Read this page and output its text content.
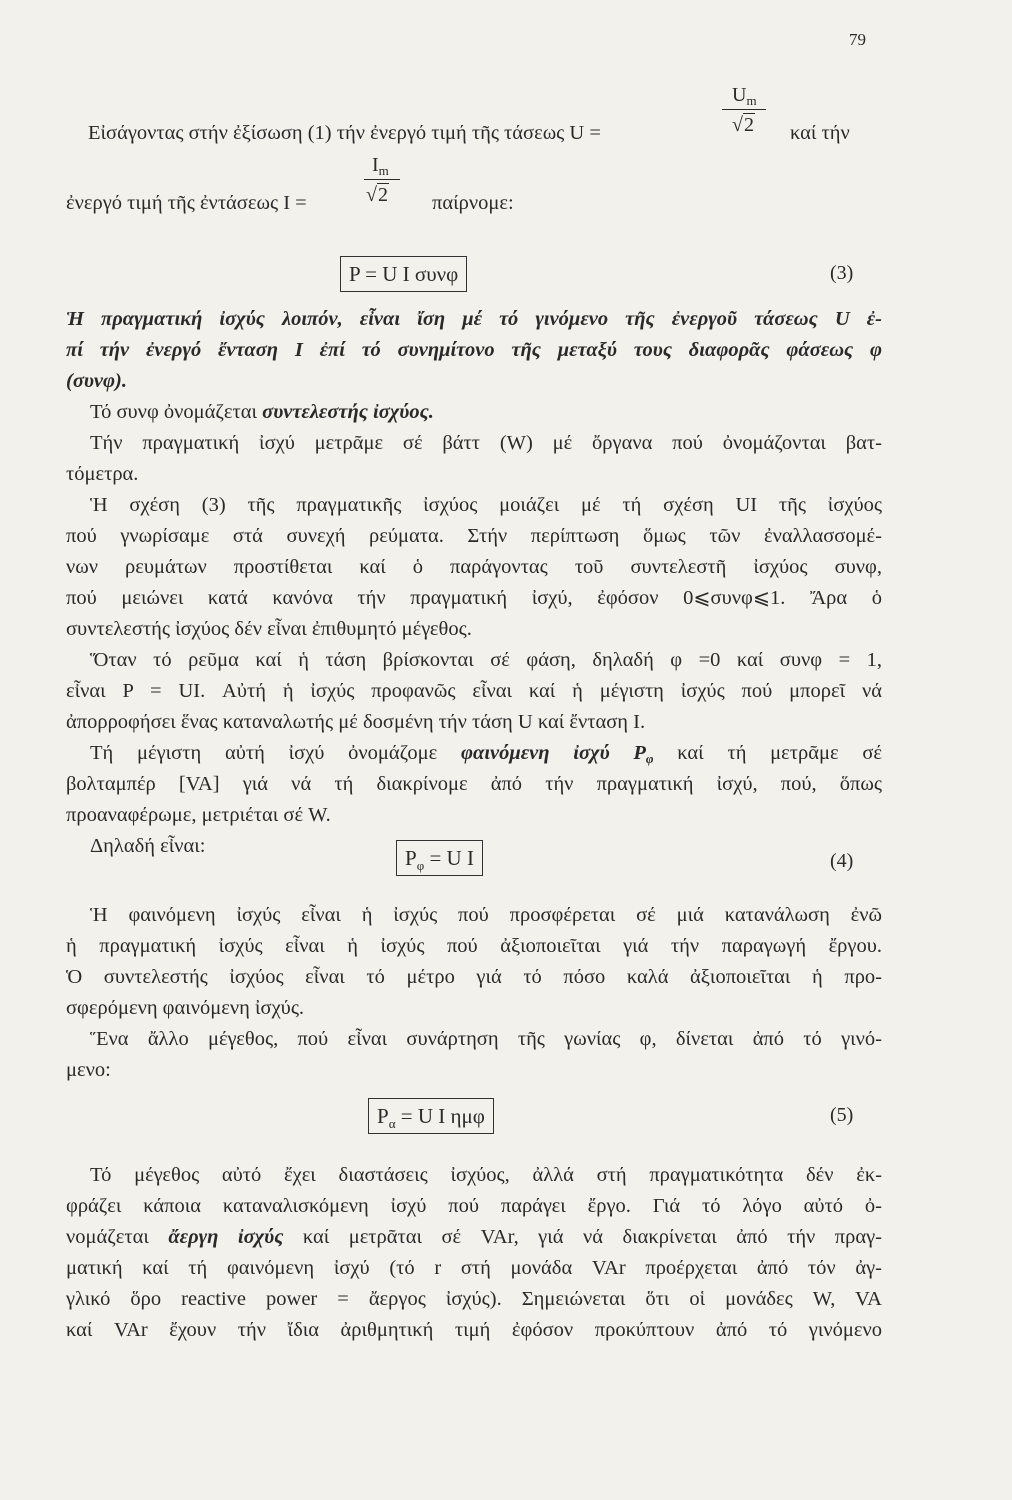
79
Εἰσάγοντας στήν ἐξίσωση (1) τήν ἐνεργό τιμή τῆς τάσεως U =
$U_m$
√2 καί τήν
ἐνεργό τιμή τῆς ἐντάσεως I =
$I_m$
√2 παίρνομε:
P = U I συνφ	(3)
Ἡ πραγματική ἰσχύς λοιπόν, εἶναι ἴση μέ τό γινόμενο τῆς ἐνεργοῦ τάσεως U ἐ-
πί τήν ἐνεργό ἔνταση I ἐπί τό συνημίτονο τῆς μεταξύ τους διαφορᾶς φάσεως φ
(συνφ).
Τό συνφ ὀνομάζεται συντελεστής ἰσχύος.
Τήν πραγματική ἰσχύ μετρᾶμε σέ βάττ (W) μέ ὄργανα πού ὀνομάζονται βατ-
τόμετρα.
Ἡ σχέση (3) τῆς πραγματικῆς ἰσχύος μοιάζει μέ τή σχέση UI τῆς ἰσχύος
πού γνωρίσαμε στά συνεχή ρεύματα. Στήν περίπτωση ὅμως τῶν ἐναλλασσομέ-
νων ρευμάτων προστίθεται καί ὁ παράγοντας τοῦ συντελεστῆ ἰσχύος συνφ,
πού μειώνει κατά κανόνα τήν πραγματική ἰσχύ, ἐφόσον 0⩽συνφ⩽1. Ἄρα ὁ
συντελεστής ἰσχύος δέν εἶναι ἐπιθυμητό μέγεθος.
Ὅταν τό ρεῦμα καί ἡ τάση βρίσκονται σέ φάση, δηλαδή φ =0 καί συνφ = 1,
εἶναι P = UI. Αὐτή ἡ ἰσχύς προφανῶς εἶναι καί ἡ μέγιστη ἰσχύς πού μπορεῖ νά
ἀπορροφήσει ἕνας καταναλωτής μέ δοσμένη τήν τάση U καί ἔνταση I.
Τή μέγιστη αὐτή ἰσχύ ὀνομάζομε φαινόμενη ἰσχύ Pφ καί τή μετρᾶμε σέ
βολταμπέρ [VA] γιά νά τή διακρίνομε ἀπό τήν πραγματική ἰσχύ, πού, ὅπως
προαναφέρωμε, μετριέται σέ W.
Δηλαδή εἶναι:	$P_\varphi = U$ I	(4)
Ἡ φαινόμενη ἰσχύς εἶναι ἡ ἰσχύς πού προσφέρεται σέ μιά κατανάλωση ἐνῶ
ἡ πραγματική ἰσχύς εἶναι ἡ ἰσχύς πού ἀξιοποιεῖται γιά τήν παραγωγή ἔργου.
Ὁ συντελεστής ἰσχύος εἶναι τό μέτρο γιά τό πόσο καλά ἀξιοποιεῖται ἡ προ-
σφερόμενη φαινόμενη ἰσχύς.
Ἕνα ἄλλο μέγεθος, πού εἶναι συνάρτηση τῆς γωνίας φ, δίνεται ἀπό τό γινό-
μενο:
$P_\alpha = U$ I ημφ	(5)
Τό μέγεθος αὐτό ἔχει διαστάσεις ἰσχύος, ἀλλά στή πραγματικότητα δέν ἐκ-
φράζει κάποια καταναλισκόμενη ἰσχύ πού παράγει ἔργο. Γιά τό λόγο αὐτό ὀ-
νομάζεται ἄεργη ἰσχύς καί μετρᾶται σέ VAr, γιά νά διακρίνεται ἀπό τήν πραγ-
ματική καί τή φαινόμενη ἰσχύ (τό r στή μονάδα VAr προέρχεται ἀπό τόν ἀγ-
γλικό ὅρο reactive power = ἄεργος ἰσχύς). Σημειώνεται ὅτι οἱ μονάδες W, VA
καί VAr ἔχουν τήν ἴδια ἀριθμητική τιμή ἐφόσον προκύπτουν ἀπό τό γινόμενο
